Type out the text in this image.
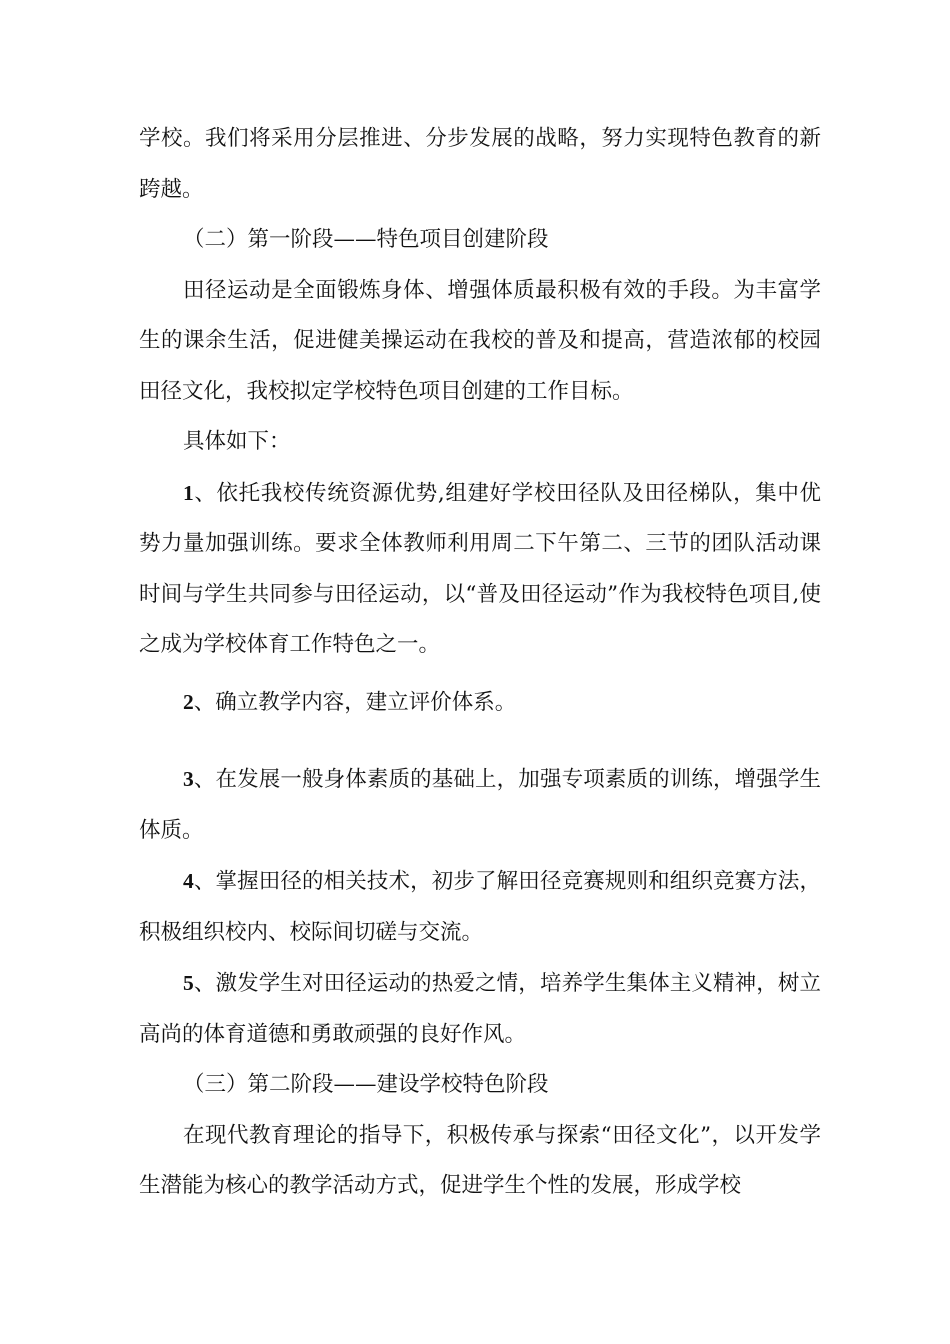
学校。我们将采用分层推进、分步发展的战略，努力实现特色教育的新跨越。

（二）第一阶段——特色项目创建阶段

田径运动是全面锻炼身体、增强体质最积极有效的手段。为丰富学生的课余生活，促进健美操运动在我校的普及和提高，营造浓郁的校园田径文化，我校拟定学校特色项目创建的工作目标。

具体如下：

1、依托我校传统资源优势,组建好学校田径队及田径梯队，集中优势力量加强训练。要求全体教师利用周二下午第二、三节的团队活动课时间与学生共同参与田径运动，以“普及田径运动”作为我校特色项目,使之成为学校体育工作特色之一。

2、确立教学内容，建立评价体系。

3、在发展一般身体素质的基础上，加强专项素质的训练，增强学生体质。

4、掌握田径的相关技术，初步了解田径竞赛规则和组织竞赛方法，积极组织校内、校际间切磋与交流。

5、激发学生对田径运动的热爱之情，培养学生集体主义精神，树立高尚的体育道德和勇敢顽强的良好作风。

（三）第二阶段——建设学校特色阶段

在现代教育理论的指导下，积极传承与探索“田径文化”，以开发学生潜能为核心的教学活动方式，促进学生个性的发展，形成学校
